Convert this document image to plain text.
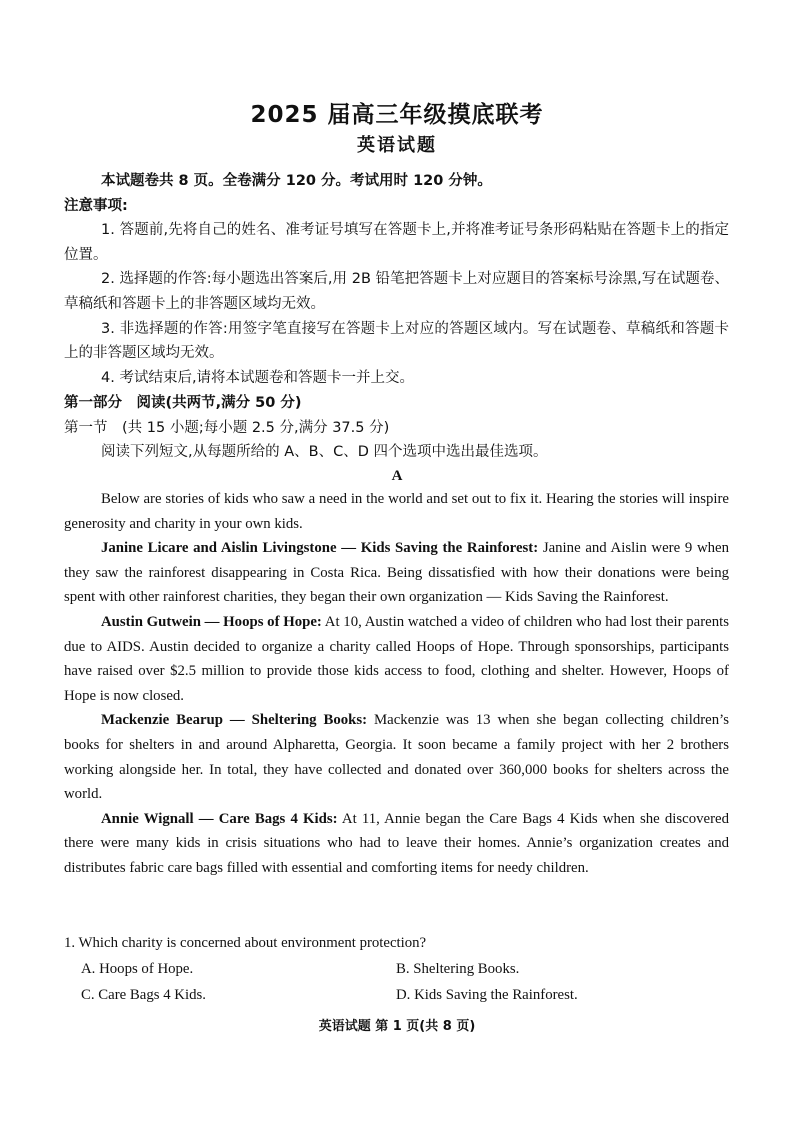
2025 届高三年级摸底联考
英语试题

本试题卷共 8 页。全卷满分 120 分。考试用时 120 分钟。

注意事项:

1. 答题前,先将自己的姓名、准考证号填写在答题卡上,并将准考证号条形码粘贴在答题卡上的指定位置。

2. 选择题的作答:每小题选出答案后,用 2B 铅笔把答题卡上对应题目的答案标号涂黑,写在试题卷、草稿纸和答题卡上的非答题区域均无效。

3. 非选择题的作答:用签字笔直接写在答题卡上对应的答题区域内。写在试题卷、草稿纸和答题卡上的非答题区域均无效。

4. 考试结束后,请将本试题卷和答题卡一并上交。

第一部分　阅读(共两节,满分 50 分)

第一节　(共 15 小题;每小题 2.5 分,满分 37.5 分)

阅读下列短文,从每题所给的 A、B、C、D 四个选项中选出最佳选项。

A

Below are stories of kids who saw a need in the world and set out to fix it. Hearing the stories will inspire generosity and charity in your own kids.

Janine Licare and Aislin Livingstone — Kids Saving the Rainforest: Janine and Aislin were 9 when they saw the rainforest disappearing in Costa Rica. Being dissatisfied with how their donations were being spent with other rainforest charities, they began their own organization — Kids Saving the Rainforest.

Austin Gutwein — Hoops of Hope: At 10, Austin watched a video of children who had lost their parents due to AIDS. Austin decided to organize a charity called Hoops of Hope. Through sponsorships, participants have raised over $2.5 million to provide those kids access to food, clothing and shelter. However, Hoops of Hope is now closed.

Mackenzie Bearup — Sheltering Books: Mackenzie was 13 when she began collecting children’s books for shelters in and around Alpharetta, Georgia. It soon became a family project with her 2 brothers working alongside her. In total, they have collected and donated over 360,000 books for shelters across the world.

Annie Wignall — Care Bags 4 Kids: At 11, Annie began the Care Bags 4 Kids when she discovered there were many kids in crisis situations who had to leave their homes. Annie’s organization creates and distributes fabric care bags filled with essential and comforting items for needy children.

1. Which charity is concerned about environment protection?
A. Hoops of Hope.	B. Sheltering Books.
C. Care Bags 4 Kids.	D. Kids Saving the Rainforest.
英语试题 第 1 页(共 8 页)
